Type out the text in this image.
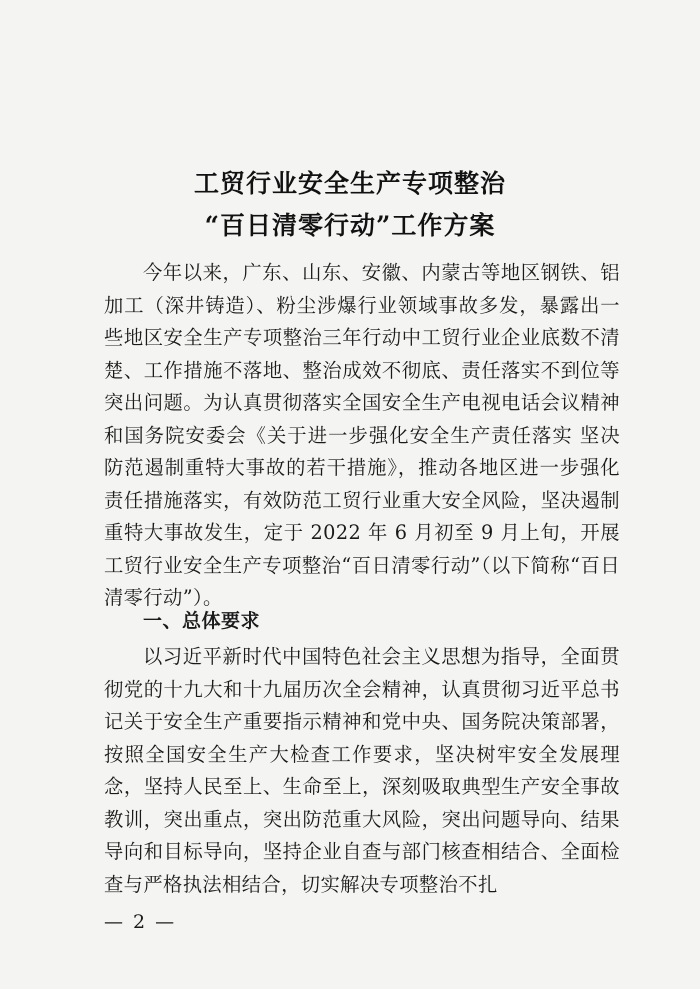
工贸行业安全生产专项整治
“百日清零行动”工作方案

今年以来，广东、山东、安徽、内蒙古等地区钢铁、铝加工（深井铸造）、粉尘涉爆行业领域事故多发，暴露出一些地区安全生产专项整治三年行动中工贸行业企业底数不清楚、工作措施不落地、整治成效不彻底、责任落实不到位等突出问题。为认真贯彻落实全国安全生产电视电话会议精神和国务院安委会《关于进一步强化安全生产责任落实 坚决防范遏制重特大事故的若干措施》，推动各地区进一步强化责任措施落实，有效防范工贸行业重大安全风险，坚决遏制重特大事故发生，定于 2022 年 6 月初至 9 月上旬，开展工贸行业安全生产专项整治“百日清零行动”（以下简称“百日清零行动”）。

一、总体要求

以习近平新时代中国特色社会主义思想为指导，全面贯彻党的十九大和十九届历次全会精神，认真贯彻习近平总书记关于安全生产重要指示精神和党中央、国务院决策部署，按照全国安全生产大检查工作要求，坚决树牢安全发展理念，坚持人民至上、生命至上，深刻吸取典型生产安全事故教训，突出重点，突出防范重大风险，突出问题导向、结果导向和目标导向，坚持企业自查与部门核查相结合、全面检查与严格执法相结合，切实解决专项整治不扎

— 2 —
